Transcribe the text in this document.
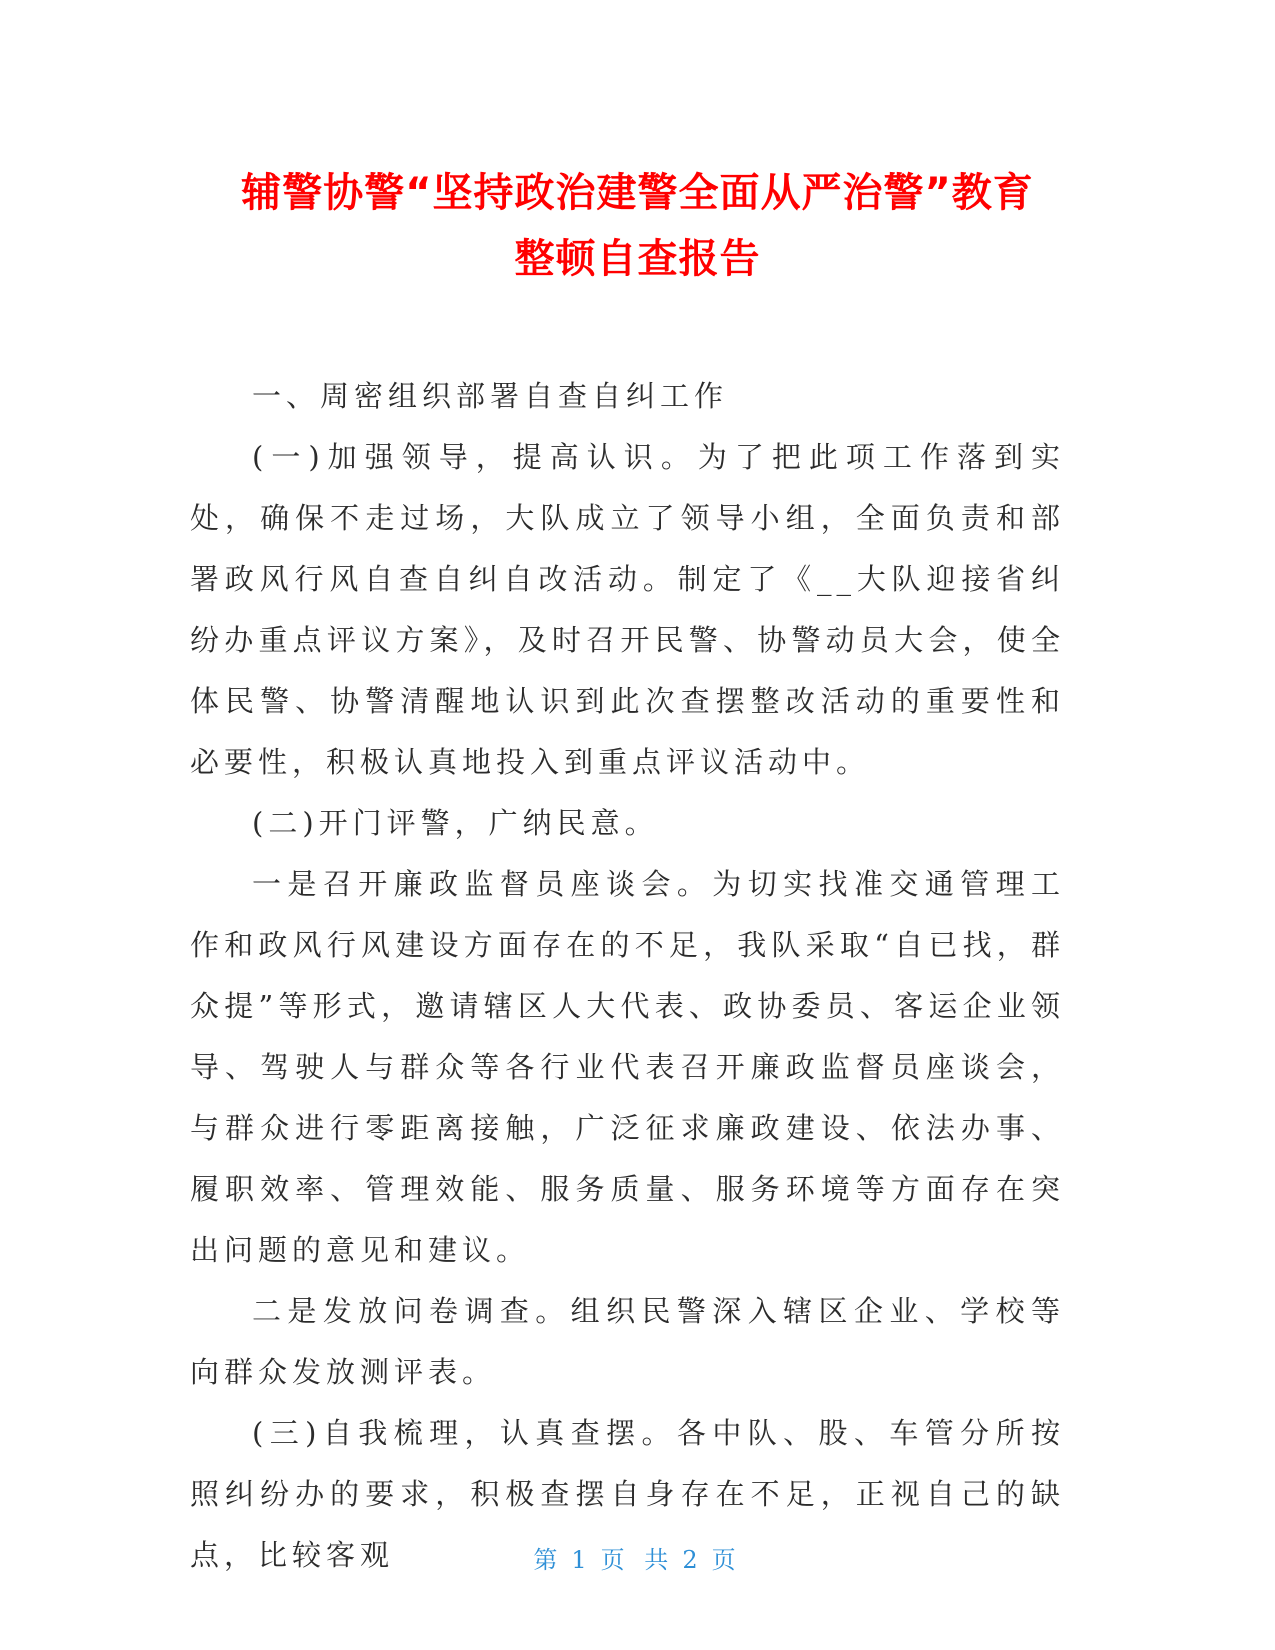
辅警协警“坚持政治建警全面从严治警”教育
整顿自查报告

一、周密组织部署自查自纠工作

(一)加强领导，提高认识。为了把此项工作落到实处，确保不走过场，大队成立了领导小组，全面负责和部署政风行风自查自纠自改活动。制定了《__大队迎接省纠纷办重点评议方案》，及时召开民警、协警动员大会，使全体民警、协警清醒地认识到此次查摆整改活动的重要性和必要性，积极认真地投入到重点评议活动中。

(二)开门评警，广纳民意。

一是召开廉政监督员座谈会。为切实找准交通管理工作和政风行风建设方面存在的不足，我队采取“自已找，群众提”等形式，邀请辖区人大代表、政协委员、客运企业领导、驾驶人与群众等各行业代表召开廉政监督员座谈会，与群众进行零距离接触，广泛征求廉政建设、依法办事、履职效率、管理效能、服务质量、服务环境等方面存在突出问题的意见和建议。

二是发放问卷调查。组织民警深入辖区企业、学校等向群众发放测评表。

(三)自我梳理，认真查摆。各中队、股、车管分所按照纠纷办的要求，积极查摆自身存在不足，正视自己的缺点，比较客观	第 1 页 共 2 页
